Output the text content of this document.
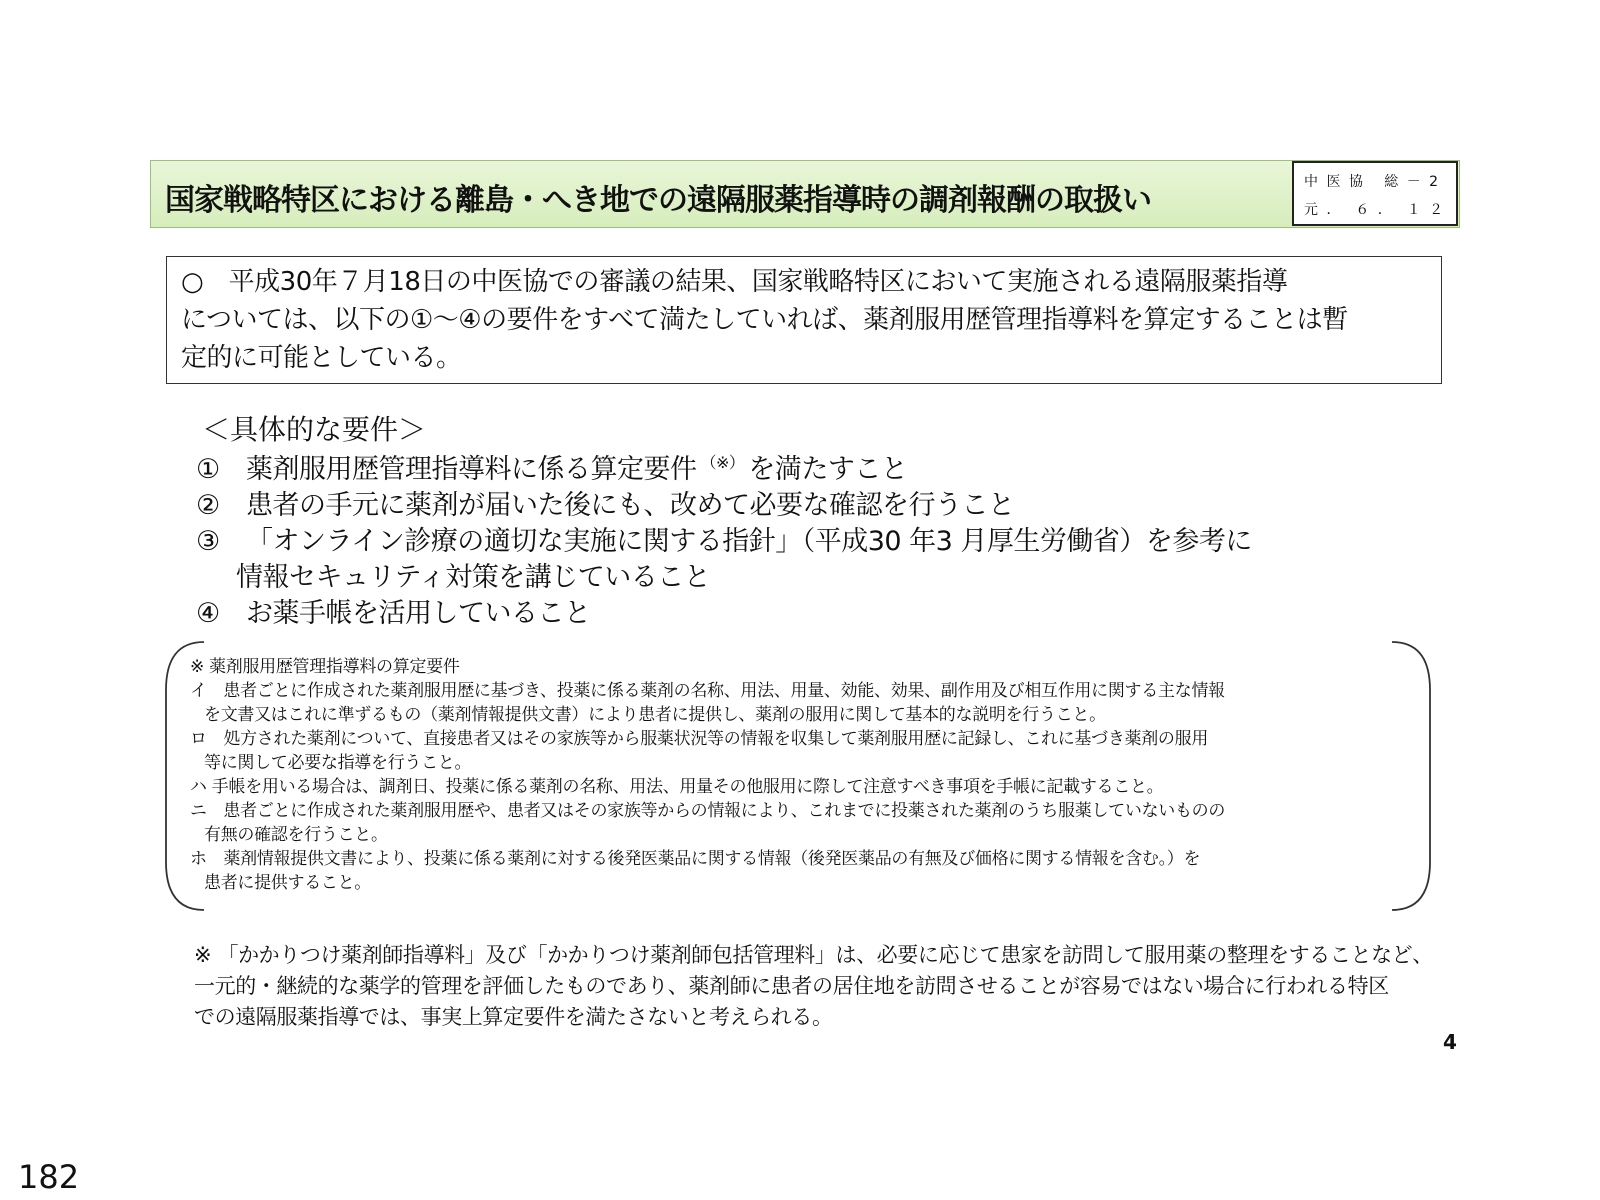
国家戦略特区における離島・へき地での遠隔服薬指導時の調剤報酬の取扱い
中 医 協   総 － 2
元 ．  ６ ．  １ ２
○　平成30年７月18日の中医協での審議の結果、国家戦略特区において実施される遠隔服薬指導
については、以下の①～④の要件をすべて満たしていれば、薬剤服用歴管理指導料を算定することは暫
定的に可能としている。
＜具体的な要件＞
① 薬剤服用歴管理指導料に係る算定要件 （※） を満たすこと
② 患者の手元に薬剤が届いた後にも、改めて必要な確認を行うこと
③ 「オンライン診療の適切な実施に関する指針」（平成30 年3 月厚生労働省）を参考に
情報セキュリティ対策を講じていること
④ お薬手帳を活用していること
※ 薬剤服用歴管理指導料の算定要件
イ　患者ごとに作成された薬剤服用歴に基づき、投薬に係る薬剤の名称、用法、用量、効能、効果、副作用及び相互作用に関する主な情報
を文書又はこれに準ずるもの（薬剤情報提供文書）により患者に提供し、薬剤の服用に関して基本的な説明を行うこと。
ロ　処方された薬剤について、直接患者又はその家族等から服薬状況等の情報を収集して薬剤服用歴に記録し、これに基づき薬剤の服用
等に関して必要な指導を行うこと。
ハ 手帳を用いる場合は、調剤日、投薬に係る薬剤の名称、用法、用量その他服用に際して注意すべき事項を手帳に記載すること。
ニ　患者ごとに作成された薬剤服用歴や、患者又はその家族等からの情報により、これまでに投薬された薬剤のうち服薬していないものの
有無の確認を行うこと。
ホ　薬剤情報提供文書により、投薬に係る薬剤に対する後発医薬品に関する情報（後発医薬品の有無及び価格に関する情報を含む。）を
患者に提供すること。
※ 「かかりつけ薬剤師指導料」及び「かかりつけ薬剤師包括管理料」は、必要に応じて患家を訪問して服用薬の整理をすることなど、
一元的・継続的な薬学的管理を評価したものであり、薬剤師に患者の居住地を訪問させることが容易ではない場合に行われる特区
での遠隔服薬指導では、事実上算定要件を満たさないと考えられる。
4
182
